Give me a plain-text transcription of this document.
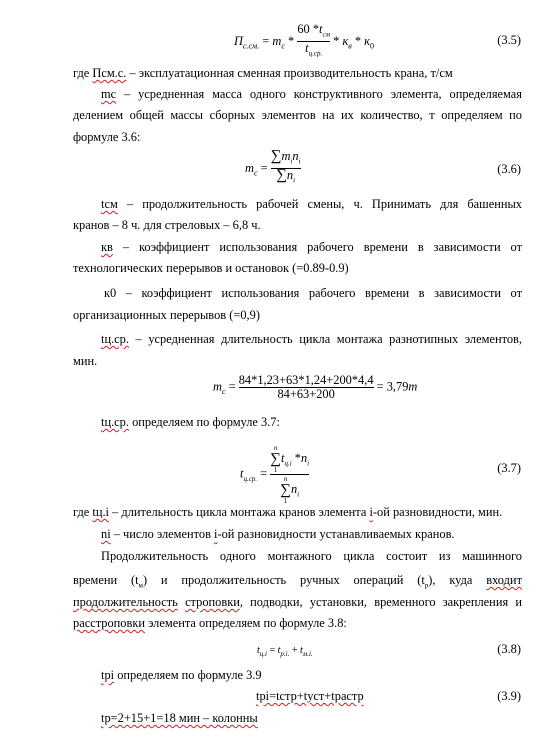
$П_{с.см.} = m_с * \frac{60 *t_{см}}{t_{ц.ср.}} * к_в * к_0$	(3.5)
где Псм.с. – эксплуатационная сменная производительность крана, т/см
mс – усредненная масса одного конструктивного элемента, определяемая
делением общей массы сборных элементов на их количество, т определяем по
формуле 3.6:
$m_с = \frac{\sum m_in_i}{\sum n_i}$	(3.6)
tсм – продолжительность рабочей смены, ч. Принимать для башенных
кранов – 8 ч. для стреловых – 6,8 ч.
кв – коэффициент использования рабочего времени в зависимости от
технологических перерывов и остановок (=0.89-0.9)
к0 – коэффициент использования рабочего времени в зависимости от
организационных перерывов (=0,9)
tц.ср. – усредненная длительность цикла монтажа разнотипных элементов,
мин.
$m_с = \frac{84*1,23+63*1,24+200*4,4}{84+63+200} = 3,79т$
tц.ср. определяем по формуле 3.7:
$t_{ц.ср.} = n$
∑
1
$t_{ц.i}$ $*n_i$
n
∑
1
$n_i$	(3.7)
где tц.i – длительность цикла монтажа кранов элемента i-ой разновидности, мин.
ni – число элементов i-ой разновидности устанавливаемых кранов.
Продолжительность одного монтажного цикла состоит из машинного
времени $(t_м)$ и продолжительность ручных операций $(t_р)$, куда входит
продолжительность строповки, подводки, установки, временного закрепления и
расстроповки элемента определяем по формуле 3.8:
$t_{ц.i} = t_{р.i.} + t_{м.i.}$	(3.8)
tрi определяем по формуле 3.9
tpi=tстр+tуст+tрастр	(3.9)
tр=2+15+1=18 мин – колонны
